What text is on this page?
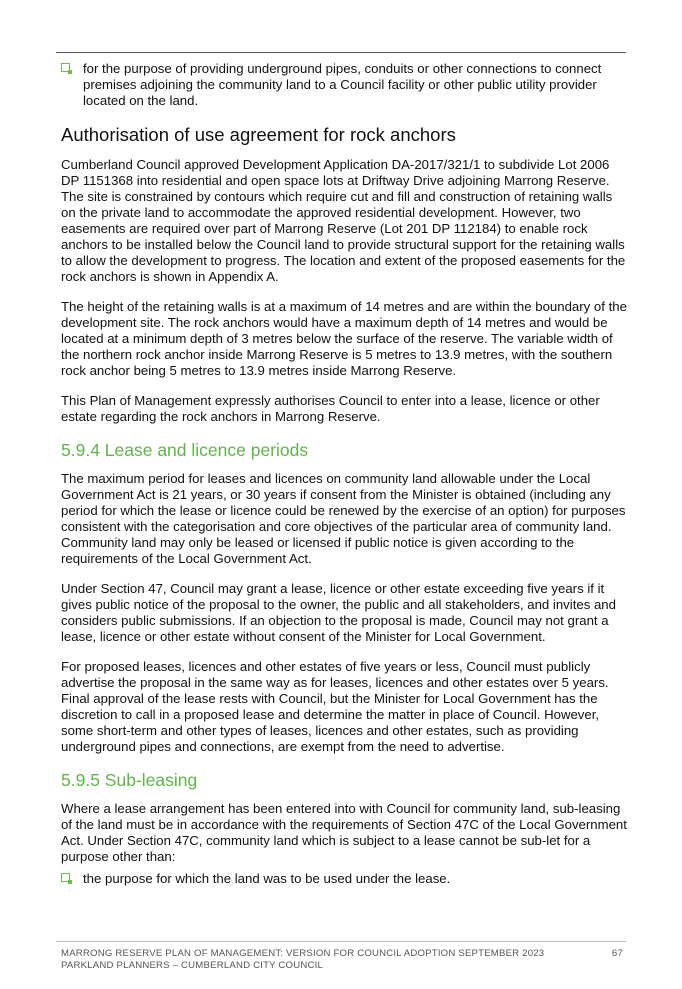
for the purpose of providing underground pipes, conduits or other connections to connect premises adjoining the community land to a Council facility or other public utility provider located on the land.

Authorisation of use agreement for rock anchors

Cumberland Council approved Development Application DA-2017/321/1 to subdivide Lot 2006 DP 1151368 into residential and open space lots at Driftway Drive adjoining Marrong Reserve. The site is constrained by contours which require cut and fill and construction of retaining walls on the private land to accommodate the approved residential development. However, two easements are required over part of Marrong Reserve (Lot 201 DP 112184) to enable rock anchors to be installed below the Council land to provide structural support for the retaining walls to allow the development to progress. The location and extent of the proposed easements for the rock anchors is shown in Appendix A.

The height of the retaining walls is at a maximum of 14 metres and are within the boundary of the development site. The rock anchors would have a maximum depth of 14 metres and would be located at a minimum depth of 3 metres below the surface of the reserve. The variable width of the northern rock anchor inside Marrong Reserve is 5 metres to 13.9 metres, with the southern rock anchor being 5 metres to 13.9 metres inside Marrong Reserve.

This Plan of Management expressly authorises Council to enter into a lease, licence or other estate regarding the rock anchors in Marrong Reserve.

5.9.4 Lease and licence periods

The maximum period for leases and licences on community land allowable under the Local Government Act is 21 years, or 30 years if consent from the Minister is obtained (including any period for which the lease or licence could be renewed by the exercise of an option) for purposes consistent with the categorisation and core objectives of the particular area of community land. Community land may only be leased or licensed if public notice is given according to the requirements of the Local Government Act.

Under Section 47, Council may grant a lease, licence or other estate exceeding five years if it gives public notice of the proposal to the owner, the public and all stakeholders, and invites and considers public submissions. If an objection to the proposal is made, Council may not grant a lease, licence or other estate without consent of the Minister for Local Government.

For proposed leases, licences and other estates of five years or less, Council must publicly advertise the proposal in the same way as for leases, licences and other estates over 5 years. Final approval of the lease rests with Council, but the Minister for Local Government has the discretion to call in a proposed lease and determine the matter in place of Council. However, some short-term and other types of leases, licences and other estates, such as providing underground pipes and connections, are exempt from the need to advertise.

5.9.5 Sub-leasing

Where a lease arrangement has been entered into with Council for community land, sub-leasing of the land must be in accordance with the requirements of Section 47C of the Local Government Act. Under Section 47C, community land which is subject to a lease cannot be sub-let for a purpose other than:

the purpose for which the land was to be used under the lease.

MARRONG RESERVE PLAN OF MANAGEMENT: VERSION FOR COUNCIL ADOPTION SEPTEMBER 2023
PARKLAND PLANNERS – CUMBERLAND CITY COUNCIL
67
